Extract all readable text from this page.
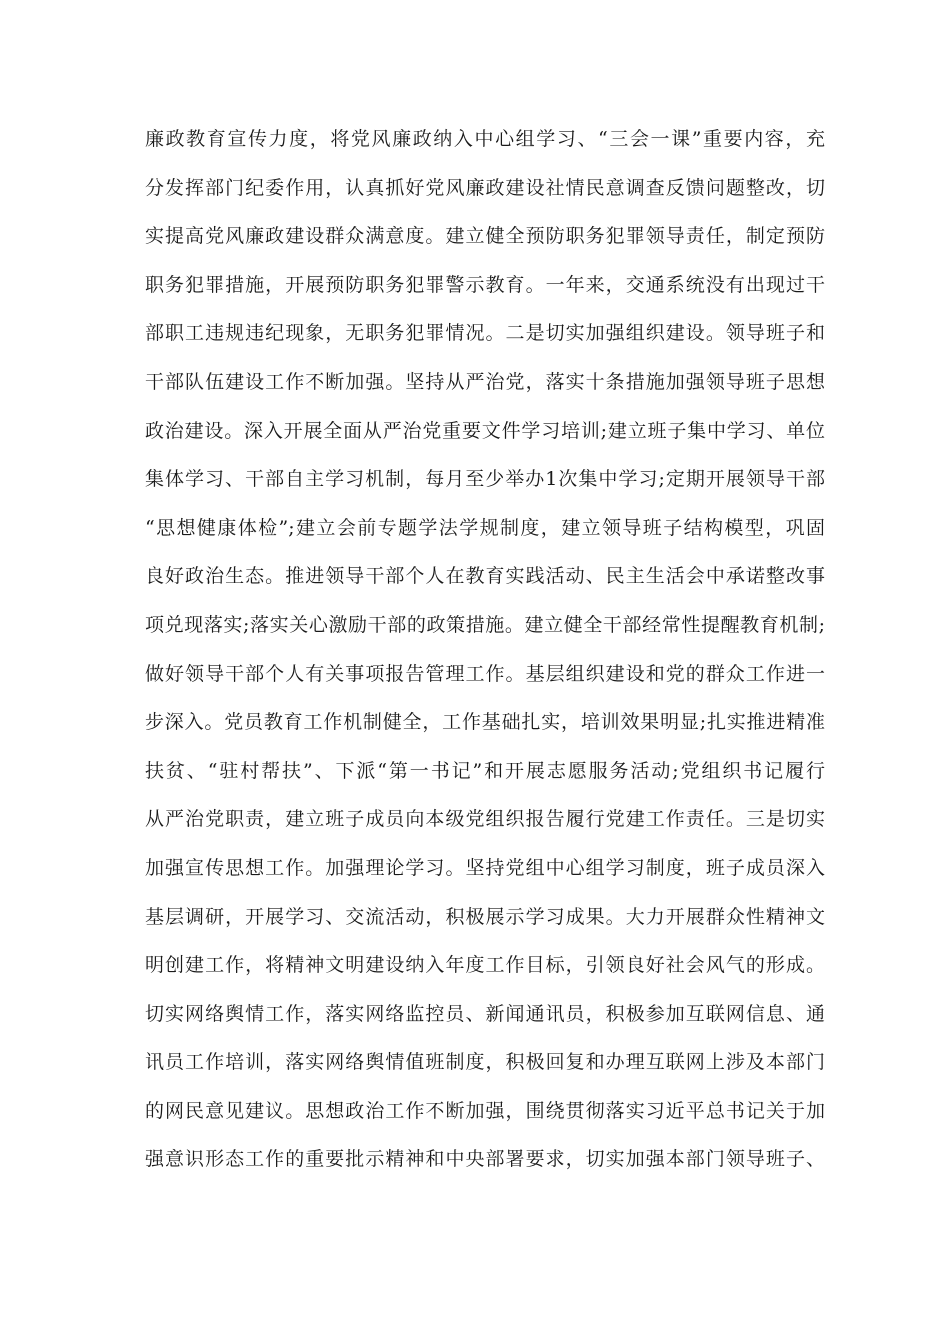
廉政教育宣传力度，将党风廉政纳入中心组学习、“三会一课”重要内容，充
分发挥部门纪委作用，认真抓好党风廉政建设社情民意调查反馈问题整改，切
实提高党风廉政建设群众满意度。建立健全预防职务犯罪领导责任，制定预防
职务犯罪措施，开展预防职务犯罪警示教育。一年来，交通系统没有出现过干
部职工违规违纪现象，无职务犯罪情况。二是切实加强组织建设。领导班子和
干部队伍建设工作不断加强。坚持从严治党，落实十条措施加强领导班子思想
政治建设。深入开展全面从严治党重要文件学习培训;建立班子集中学习、单位
集体学习、干部自主学习机制，每月至少举办1次集中学习;定期开展领导干部
“思想健康体检”;建立会前专题学法学规制度，建立领导班子结构模型，巩固
良好政治生态。推进领导干部个人在教育实践活动、民主生活会中承诺整改事
项兑现落实;落实关心激励干部的政策措施。建立健全干部经常性提醒教育机制;
做好领导干部个人有关事项报告管理工作。基层组织建设和党的群众工作进一
步深入。党员教育工作机制健全，工作基础扎实，培训效果明显;扎实推进精准
扶贫、“驻村帮扶”、下派“第一书记”和开展志愿服务活动;党组织书记履行
从严治党职责，建立班子成员向本级党组织报告履行党建工作责任。三是切实
加强宣传思想工作。加强理论学习。坚持党组中心组学习制度，班子成员深入
基层调研，开展学习、交流活动，积极展示学习成果。大力开展群众性精神文
明创建工作，将精神文明建设纳入年度工作目标，引领良好社会风气的形成。
切实网络舆情工作，落实网络监控员、新闻通讯员，积极参加互联网信息、通
讯员工作培训，落实网络舆情值班制度，积极回复和办理互联网上涉及本部门
的网民意见建议。思想政治工作不断加强，围绕贯彻落实习近平总书记关于加
强意识形态工作的重要批示精神和中央部署要求，切实加强本部门领导班子、
